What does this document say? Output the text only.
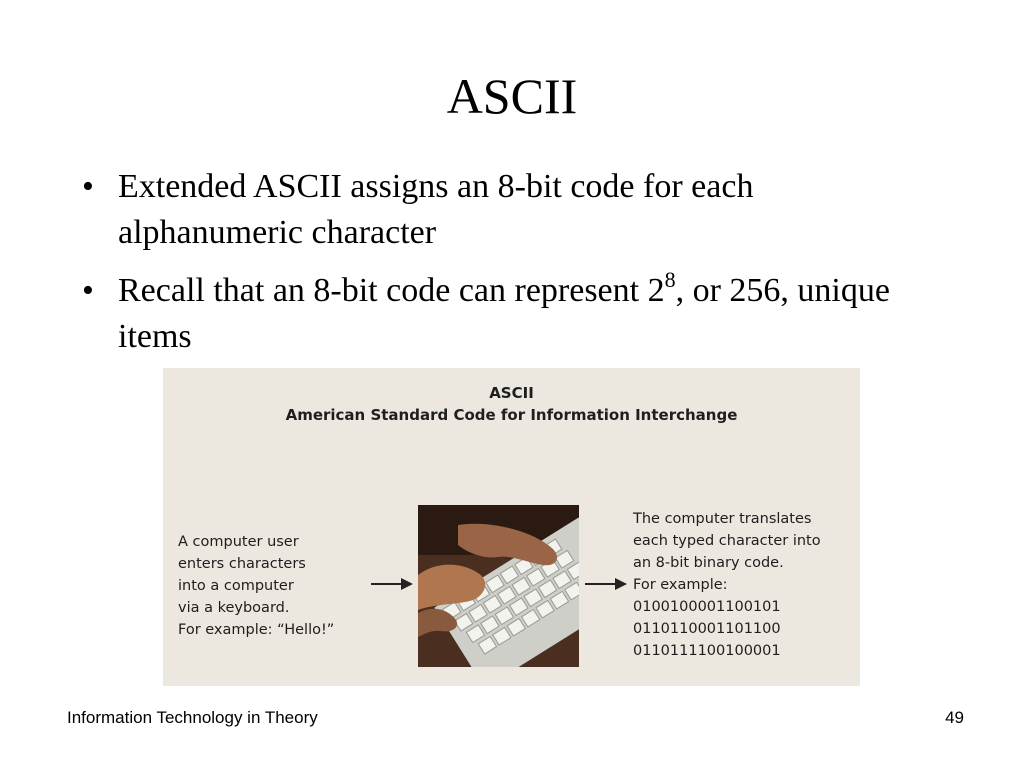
ASCII
• Extended ASCII assigns an 8-bit code for each alphanumeric character
• Recall that an 8-bit code can represent $2^8$, or 256, unique items
ASCII
American Standard Code for Information Interchange
A computer user
enters characters
into a computer
via a keyboard.
For example: “Hello!”
The computer translates
each typed character into
an 8-bit binary code.
For example:
0100100001100101
0110110001101100
0110111100100001
Information Technology in Theory	49
